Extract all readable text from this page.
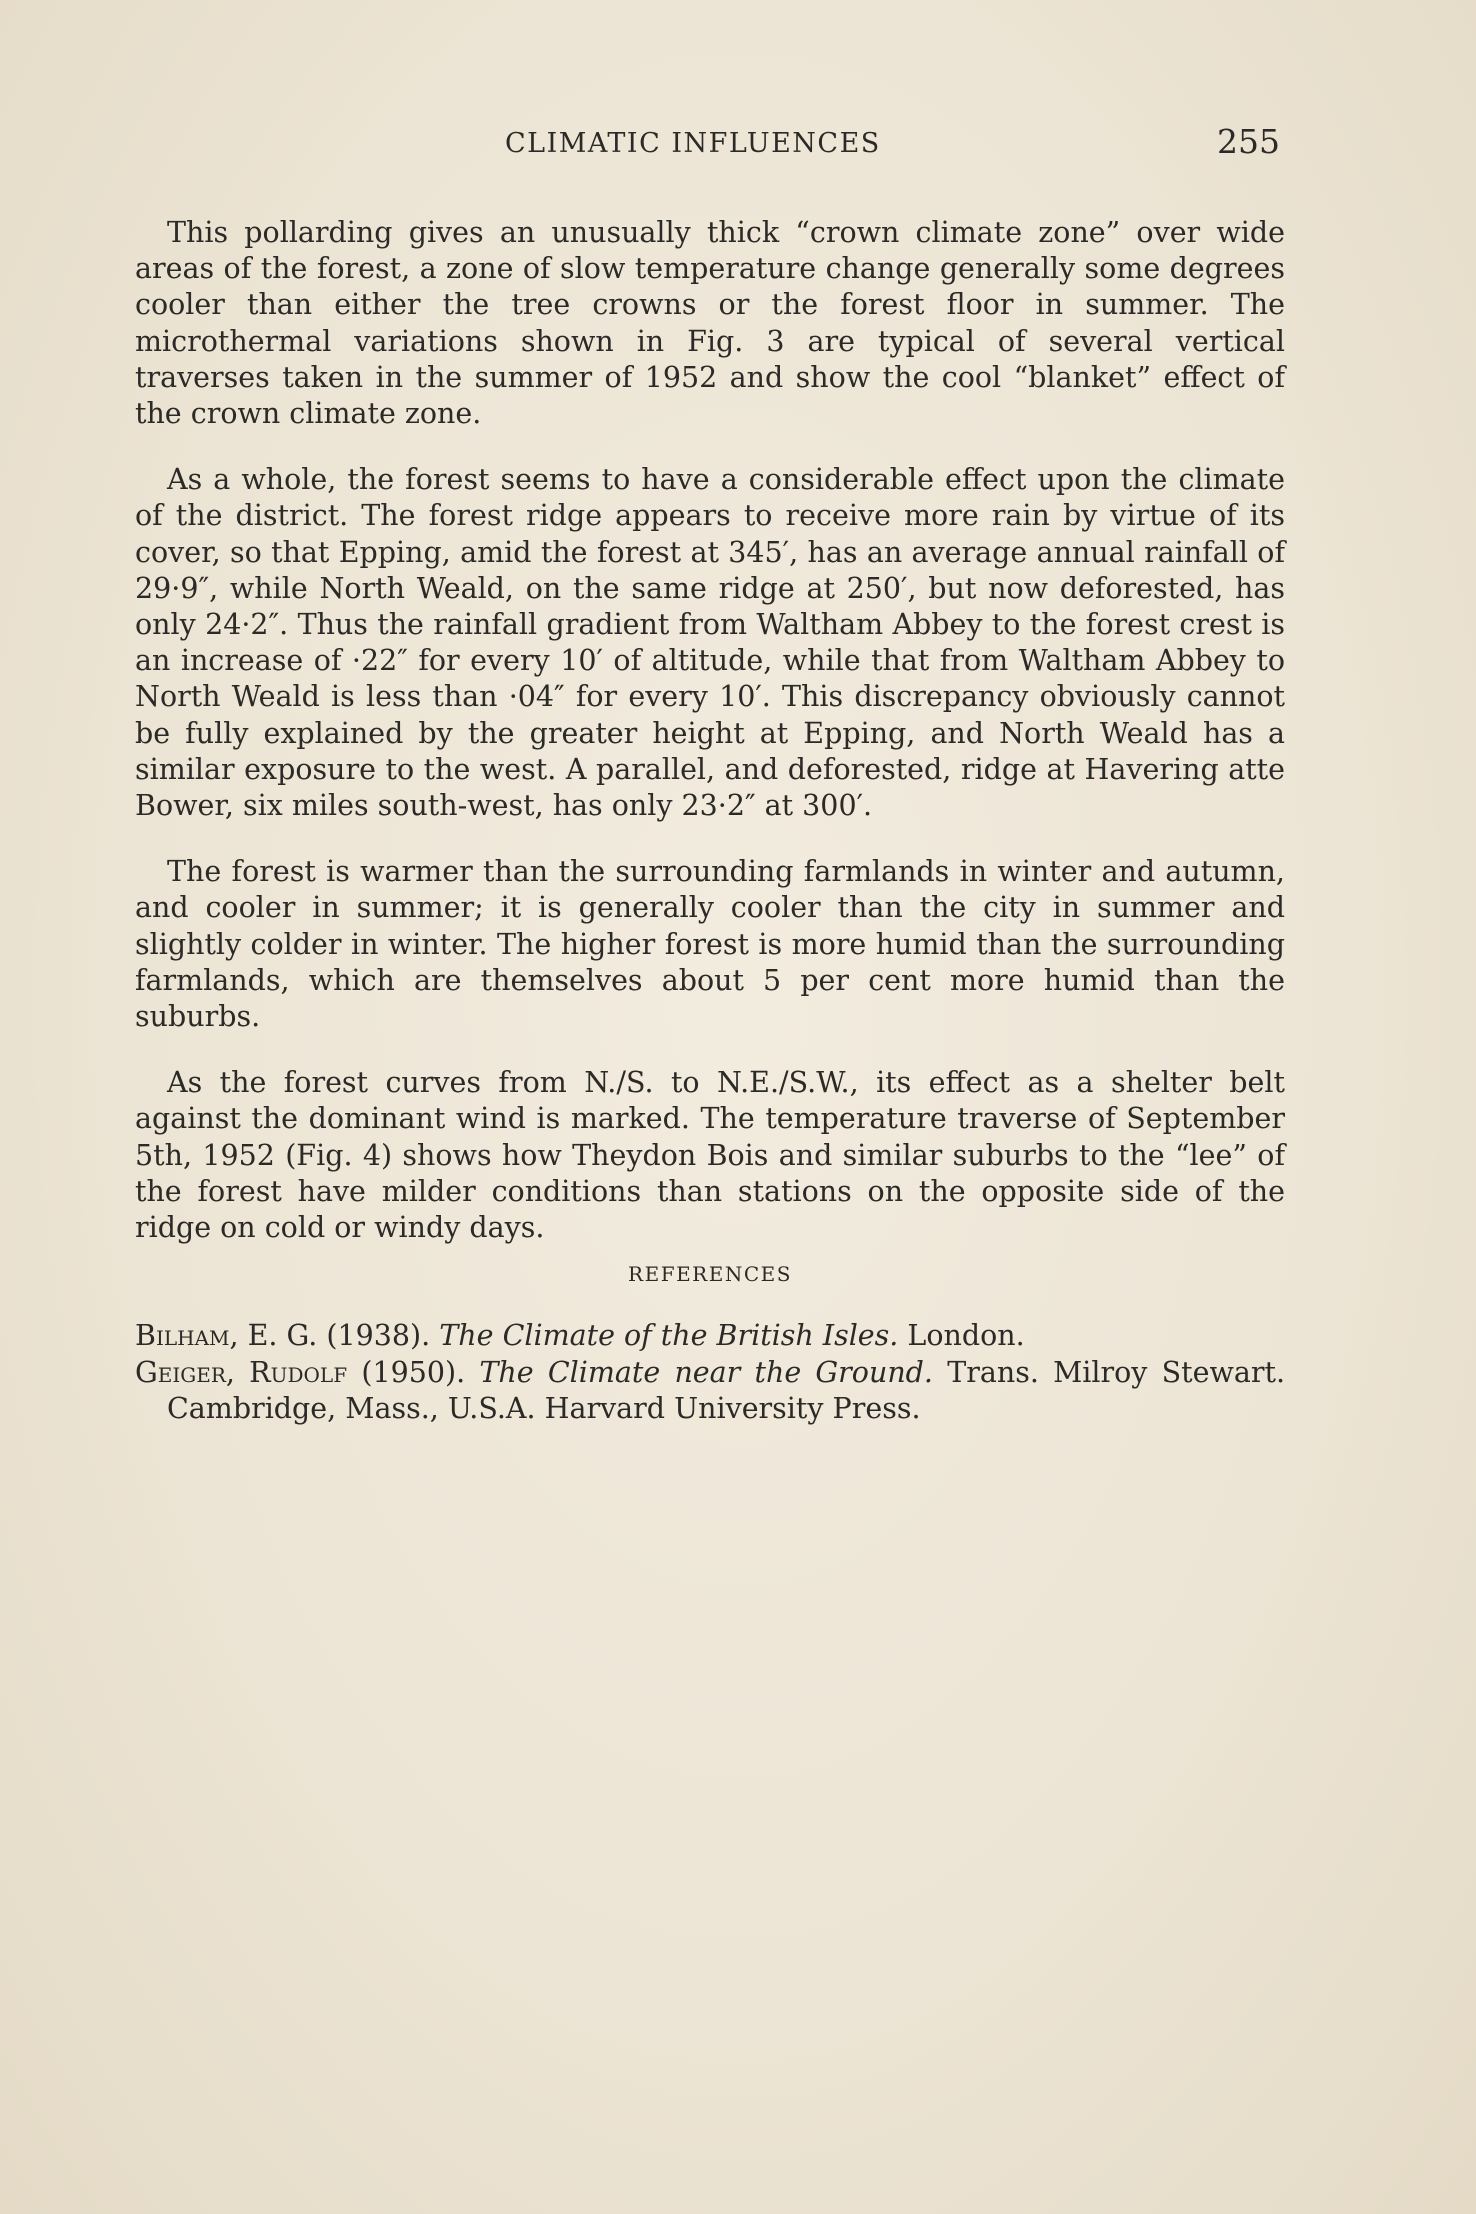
CLIMATIC INFLUENCES	255

This pollarding gives an unusually thick “crown climate zone” over wide areas of the forest, a zone of slow temperature change generally some degrees cooler than either the tree crowns or the forest floor in summer. The microthermal variations shown in Fig. 3 are typical of several vertical traverses taken in the summer of 1952 and show the cool “blanket” effect of the crown climate zone.

As a whole, the forest seems to have a considerable effect upon the climate of the district. The forest ridge appears to receive more rain by virtue of its cover, so that Epping, amid the forest at 345′, has an average annual rainfall of 29·9″, while North Weald, on the same ridge at 250′, but now deforested, has only 24·2″. Thus the rainfall gradient from Waltham Abbey to the forest crest is an increase of ·22″ for every 10′ of altitude, while that from Waltham Abbey to North Weald is less than ·04″ for every 10′. This discrepancy obviously cannot be fully explained by the greater height at Epping, and North Weald has a similar exposure to the west. A parallel, and deforested, ridge at Havering atte Bower, six miles south-west, has only 23·2″ at 300′.

The forest is warmer than the surrounding farmlands in winter and autumn, and cooler in summer; it is generally cooler than the city in summer and slightly colder in winter. The higher forest is more humid than the surrounding farmlands, which are themselves about 5 per cent more humid than the suburbs.

As the forest curves from N./S. to N.E./S.W., its effect as a shelter belt against the dominant wind is marked. The temperature traverse of September 5th, 1952 (Fig. 4) shows how Theydon Bois and similar suburbs to the “lee” of the forest have milder conditions than stations on the opposite side of the ridge on cold or windy days.

REFERENCES

Bilham, E. G. (1938). The Climate of the British Isles. London.

Geiger, Rudolf (1950). The Climate near the Ground. Trans. Milroy Stewart. Cambridge, Mass., U.S.A. Harvard University Press.
